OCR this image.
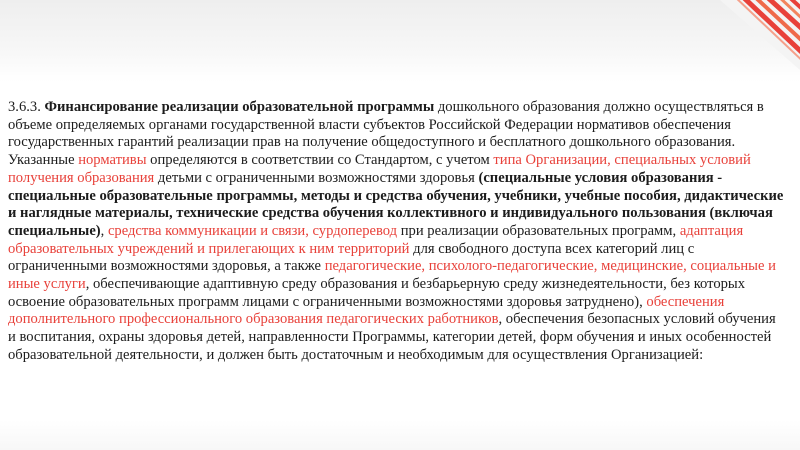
3.6.3. Финансирование реализации образовательной программы дошкольного образования должно осуществляться в объеме определяемых органами государственной власти субъектов Российской Федерации нормативов обеспечения государственных гарантий реализации прав на получение общедоступного и бесплатного дошкольного образования. Указанные нормативы определяются в соответствии со Стандартом, с учетом типа Организации, специальных условий получения образования детьми с ограниченными возможностями здоровья (специальные условия образования - специальные образовательные программы, методы и средства обучения, учебники, учебные пособия, дидактические и наглядные материалы, технические средства обучения коллективного и индивидуального пользования (включая специальные), средства коммуникации и связи, сурдоперевод при реализации образовательных программ, адаптация образовательных учреждений и прилегающих к ним территорий для свободного доступа всех категорий лиц с ограниченными возможностями здоровья, а также педагогические, психолого-педагогические, медицинские, социальные и иные услуги, обеспечивающие адаптивную среду образования и безбарьерную среду жизнедеятельности, без которых освоение образовательных программ лицами с ограниченными возможностями здоровья затруднено), обеспечения дополнительного профессионального образования педагогических работников, обеспечения безопасных условий обучения и воспитания, охраны здоровья детей, направленности Программы, категории детей, форм обучения и иных особенностей образовательной деятельности, и должен быть достаточным и необходимым для осуществления Организацией:
